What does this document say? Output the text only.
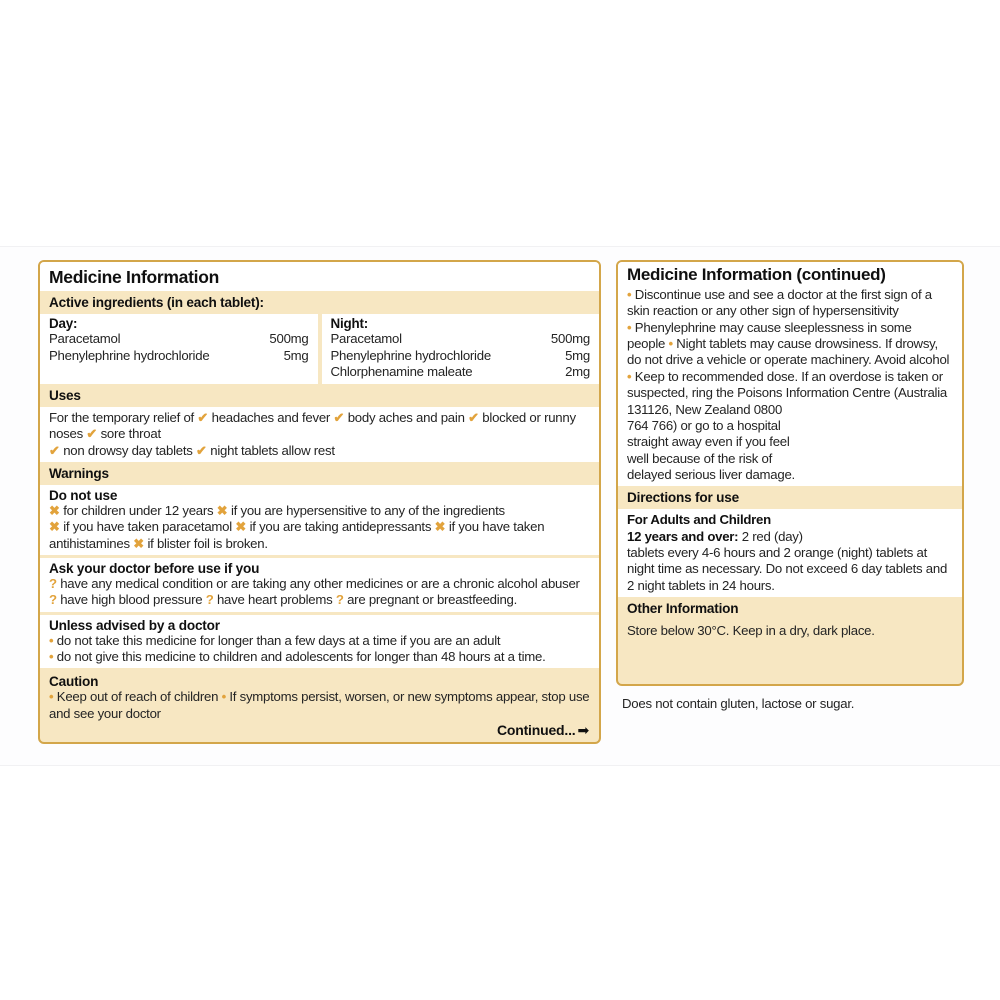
Medicine Information
Active ingredients (in each tablet):
Day:
Paracetamol	500mg
Phenylephrine hydrochloride	5mg
Night:
Paracetamol	500mg
Phenylephrine hydrochloride	5mg
Chlorphenamine maleate	2mg
Uses
For the temporary relief of ✔ headaches and fever ✔ body aches and pain ✔ blocked or runny noses ✔ sore throat
✔ non drowsy day tablets ✔ night tablets allow rest
Warnings
Do not use
✖ for children under 12 years ✖ if you are hypersensitive to any of the ingredients
✖ if you have taken paracetamol ✖ if you are taking antidepressants ✖ if you have taken antihistamines ✖ if blister foil is broken.
Ask your doctor before use if you
? have any medical condition or are taking any other medicines or are a chronic alcohol abuser ? have high blood pressure ? have heart problems ? are pregnant or breastfeeding.
Unless advised by a doctor
• do not take this medicine for longer than a few days at a time if you are an adult
• do not give this medicine to children and adolescents for longer than 48 hours at a time.
Caution
• Keep out of reach of children • If symptoms persist, worsen, or new symptoms appear, stop use and see your doctor
Continued... ➡
Medicine Information (continued)
• Discontinue use and see a doctor at the first sign of a skin reaction or any other sign of hypersensitivity
• Phenylephrine may cause sleeplessness in some people • Night tablets may cause drowsiness. If drowsy, do not drive a vehicle or operate machinery. Avoid alcohol • Keep to recommended dose. If an overdose is taken or suspected, ring the Poisons Information Centre (Australia
131126, New Zealand 0800
764 766) or go to a hospital
straight away even if you feel
well because of the risk of
delayed serious liver damage.
Directions for use
For Adults and Children
12 years and over: 2 red (day)
tablets every 4-6 hours and 2 orange (night) tablets at night time as necessary. Do not exceed 6 day tablets and 2 night tablets in 24 hours.
Other Information
Store below 30°C. Keep in a dry, dark place.
Does not contain gluten, lactose or sugar.
